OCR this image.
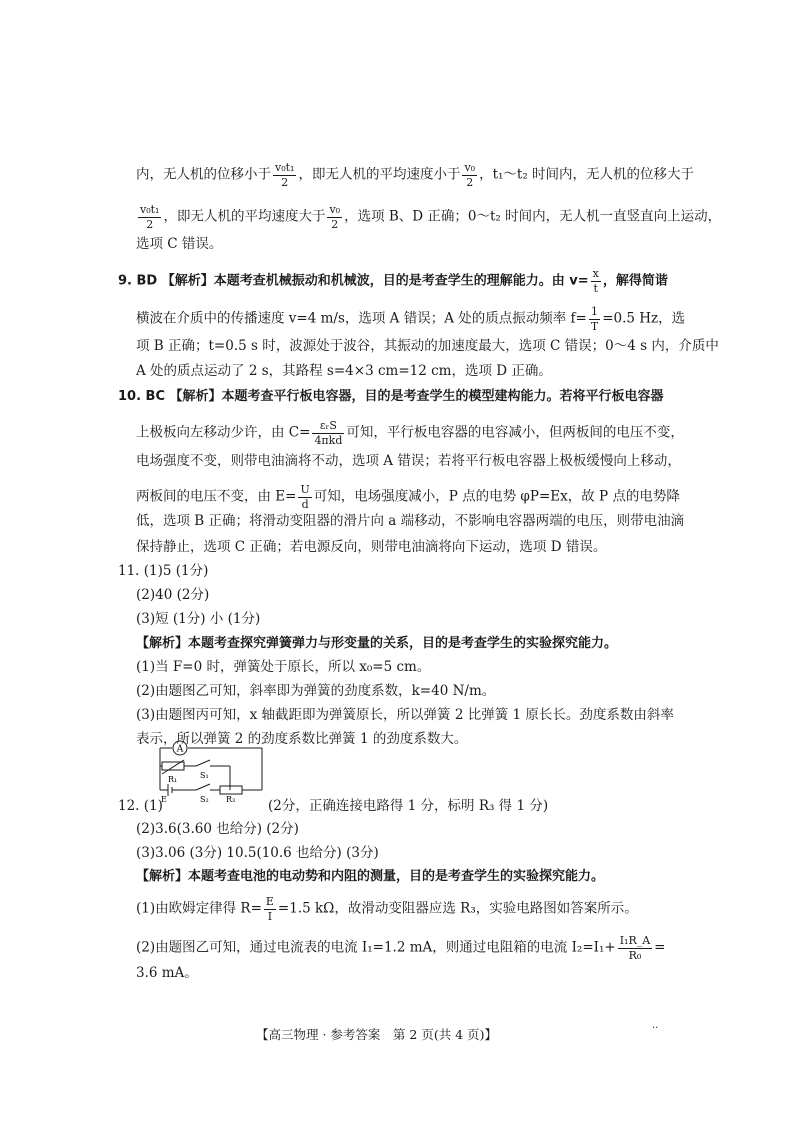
内，无人机的位移小于 $\frac{\text{v₀t₁}}{2}$ ，即无人机的平均速度小于 $\frac{\text{v₀}}{2}$ ，t₁～t₂ 时间内，无人机的位移大于
$\frac{\text{v₀t₁}}{2}$ ，即无人机的平均速度大于 $\frac{\text{v₀}}{2}$ ，选项 B、D 正确；0～t₂ 时间内，无人机一直竖直向上运动，
选项 C 错误。
9. BD 【解析】本题考查机械振动和机械波，目的是考查学生的理解能力。由 $v= \frac{x}{t}$ ，解得简谐
横波在介质中的传播速度 v=4 m/s，选项 A 错误；A 处的质点振动频率 $f= \frac{1}{T} =0.5$ Hz，选
项 B 正确；t=0.5 s 时，波源处于波谷，其振动的加速度最大，选项 C 错误；0～4 s 内，介质中
A 处的质点运动了 2 s，其路程 s=4×3 cm=12 cm，选项 D 正确。
10. BC 【解析】本题考查平行板电容器，目的是考查学生的模型建构能力。若将平行板电容器
上极板向左移动少许，由 $C= \frac{\text{εᵣS}}{\text{4πkd}}$ 可知，平行板电容器的电容减小，但两板间的电压不变，
电场强度不变，则带电油滴将不动，选项 A 错误；若将平行板电容器上极板缓慢向上移动，
两板间的电压不变，由 $E= \frac{U}{d}$ 可知，电场强度减小，P 点的电势 φP=Ex，故 P 点的电势降
低，选项 B 正确；将滑动变阻器的滑片向 a 端移动，不影响电容器两端的电压，则带电油滴
保持静止，选项 C 正确；若电源反向，则带电油滴将向下运动，选项 D 错误。
11. (1)5 (1分)
(2)40 (2分)
(3)短 (1分) 小 (1分)
【解析】本题考查探究弹簧弹力与形变量的关系，目的是考查学生的实验探究能力。
(1)当 F=0 时，弹簧处于原长，所以 x₀=5 cm。
(2)由题图乙可知，斜率即为弹簧的劲度系数，k=40 N/m。
(3)由题图丙可知，x 轴截距即为弹簧原长，所以弹簧 2 比弹簧 1 原长长。劲度系数由斜率
表示，所以弹簧 2 的劲度系数比弹簧 1 的劲度系数大。
A
R₁	S₁
E	S₂ R₃
12. (1)	(2分，正确连接电路得 1 分，标明 R₃ 得 1 分)
(2)3.6(3.60 也给分) (2分)
(3)3.06 (3分) 10.5(10.6 也给分) (3分)
【解析】本题考查电池的电动势和内阻的测量，目的是考查学生的实验探究能力。
(1)由欧姆定律得 $R= \frac{E}{I} =1.5$ kΩ，故滑动变阻器应选 R₃，实验电路图如答案所示。
(2)由题图乙可知，通过电流表的电流 I₁=1.2 mA，则通过电阻箱的电流 $I_2=I_1+ \frac{\text{I₁R\_A}}{\text{R₀}}$ =
3.6 mA。
【高三物理 · 参考答案　第 2 页(共 4 页)】
..
